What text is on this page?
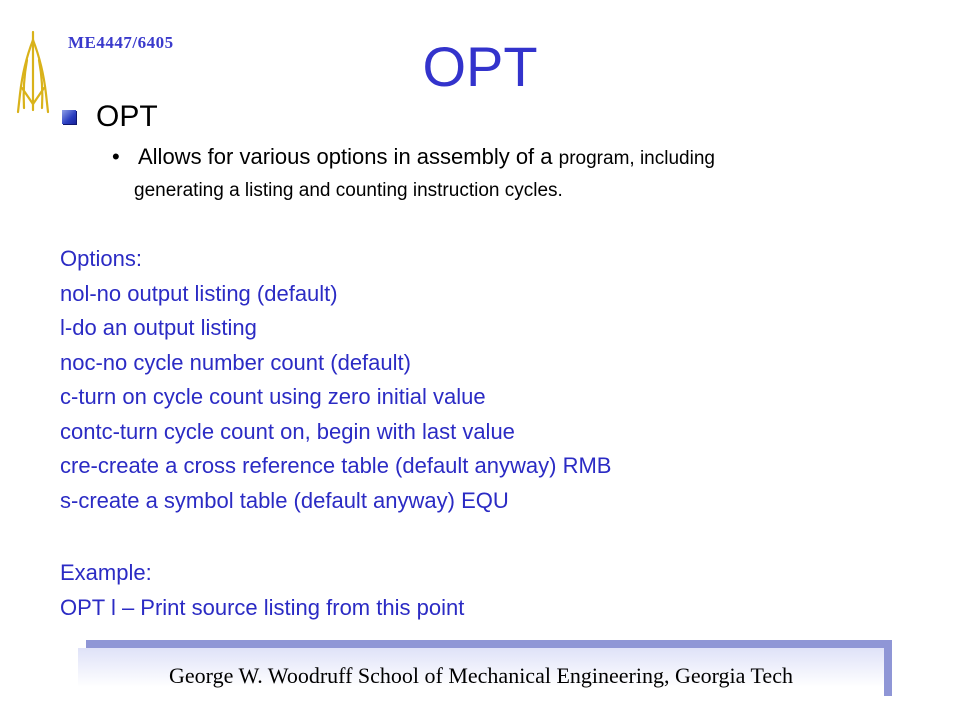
ME4447/6405	OPT
OPT
• Allows for various options in assembly of a program, including
generating a listing and counting instruction cycles.
Options:
nol-no output listing (default)
l-do an output listing
noc-no cycle number count (default)
c-turn on cycle count using zero initial value
contc-turn cycle count on, begin with last value
cre-create a cross reference table (default anyway) RMB
s-create a symbol table (default anyway) EQU
Example:
OPT l – Print source listing from this point
George W. Woodruff School of Mechanical Engineering, Georgia Tech
